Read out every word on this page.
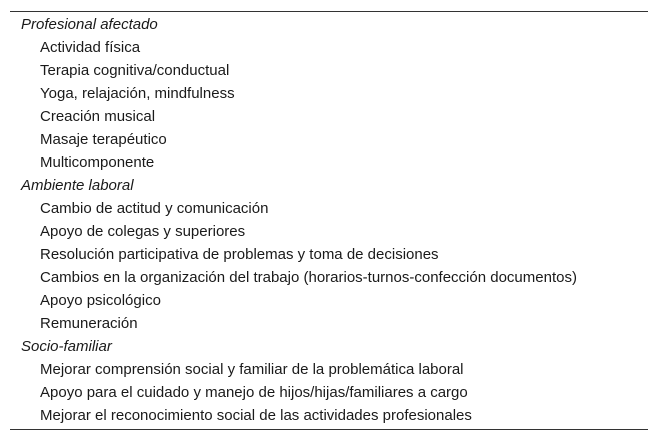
Profesional afectado
Actividad física
Terapia cognitiva/conductual
Yoga, relajación, mindfulness
Creación musical
Masaje terapéutico
Multicomponente
Ambiente laboral
Cambio de actitud y comunicación
Apoyo de colegas y superiores
Resolución participativa de problemas y toma de decisiones
Cambios en la organización del trabajo (horarios-turnos-confección documentos)
Apoyo psicológico
Remuneración
Socio-familiar
Mejorar comprensión social y familiar de la problemática laboral
Apoyo para el cuidado y manejo de hijos/hijas/familiares a cargo
Mejorar el reconocimiento social de las actividades profesionales
